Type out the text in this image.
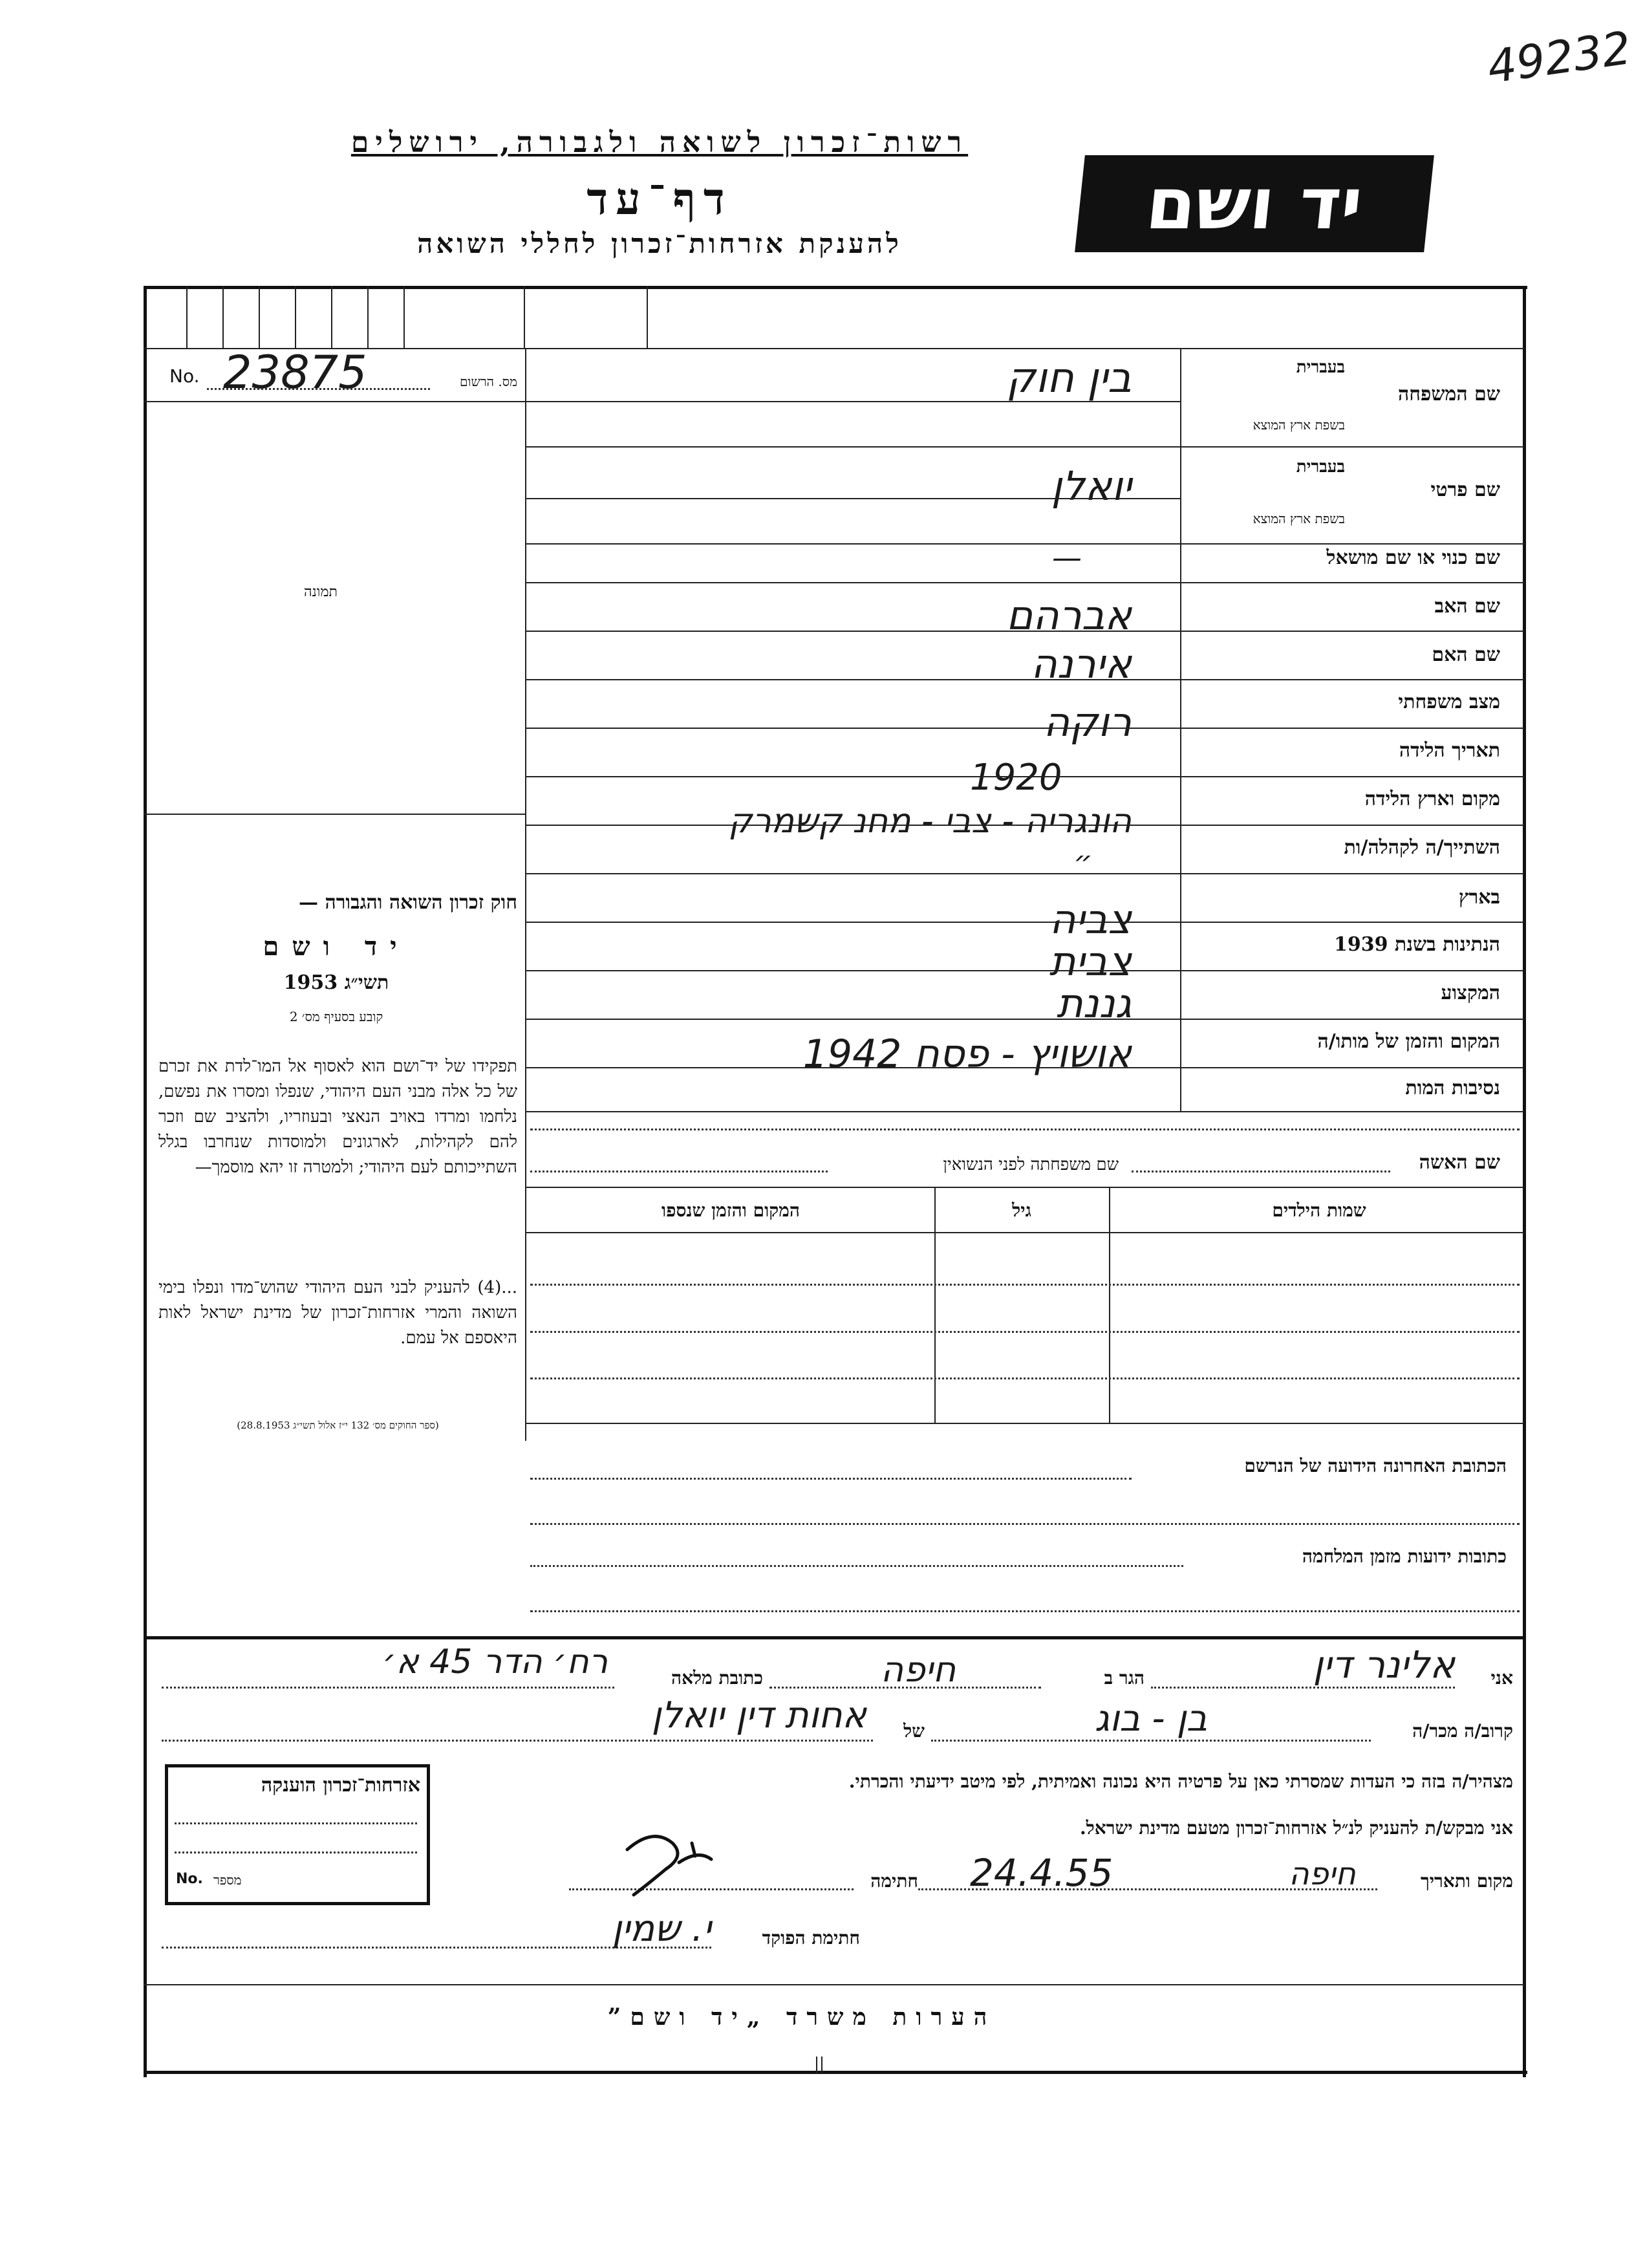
49232
רשות־זכרון לשואה ולגבורה, ירושלים
דף־עד
להענקת אזרחות־זכרון לחללי השואה	יד ושם
No. 23875	מס. הרשום
תמונה
חוק זכרון השואה והגבורה —
יד ושם
תשי״ג 1953
קובע בסעיף מס׳ 2
תפקידו של יד־ושם הוא לאסוף אל המו־לדת את זכרם של כל אלה מבני העם היהודי, שנפלו ומסרו את נפשם, נלחמו ומרדו באויב הנאצי ובעוזריו, ולהציב שם וזכר להם לקהילות, לארגונים ולמוסדות שנחרבו בגלל השתייכותם לעם היהודי; ולמטרה זו יהא מוסמך—
...(4) להעניק לבני העם היהודי שהוש־מדו ונפלו בימי השואה והמרי אזרחות־זכרון של מדינת ישראל לאות היאספם אל עמם.
(ספר החוקים מס׳ 132 י״ז אלול תשי״ג 28.8.1953)
שם המשפחה
בעברית
בשפת ארץ המוצא
בין חוק
שם פרטי
בעברית
בשפת ארץ המוצא
יואלן
שם כנוי או שם מושאל
—
שם האב
אברהם
שם האם
אירנה
מצב משפחתי
רוקה
תאריך הלידה
1920
מקום וארץ הלידה
הונגריה - צבי - מחנ קשמרק
השתייך/ה לקהלה/ות
״
בארץ
צביה
הנתינות בשנת 1939
צבית
המקצוע
גננת
המקום והזמן של מותו/ה
אושויץ - פסח 1942
נסיבות המות
שם האשה
שם משפחתה לפני הנשואין
שמות הילדים
גיל
המקום והזמן שנספו
הכתובת האחרונה הידועה של הנרשם
כתובות ידועות מזמן המלחמה
אני
אלינר דין
הגר ב
חיפה
כתובת מלאה
רח׳ הדר 45 א׳
קרוב/ה מכר/ה
בן - בוג
של
אחות דין יואלן
מצהיר/ה בזה כי העדות שמסרתי כאן על פרטיה היא נכונה ואמיתית, לפי מיטב ידיעתי והכרתי.
אני מבקש/ת להעניק לנ״ל אזרחות־זכרון מטעם מדינת ישראל.
מקום ותאריך
חיפה
24.4.55
חתימה
חתימת הפוקד
י. שמין
אזרחות־זכרון הוענקה
No. מספר
הערות משרד „יד ושם”
